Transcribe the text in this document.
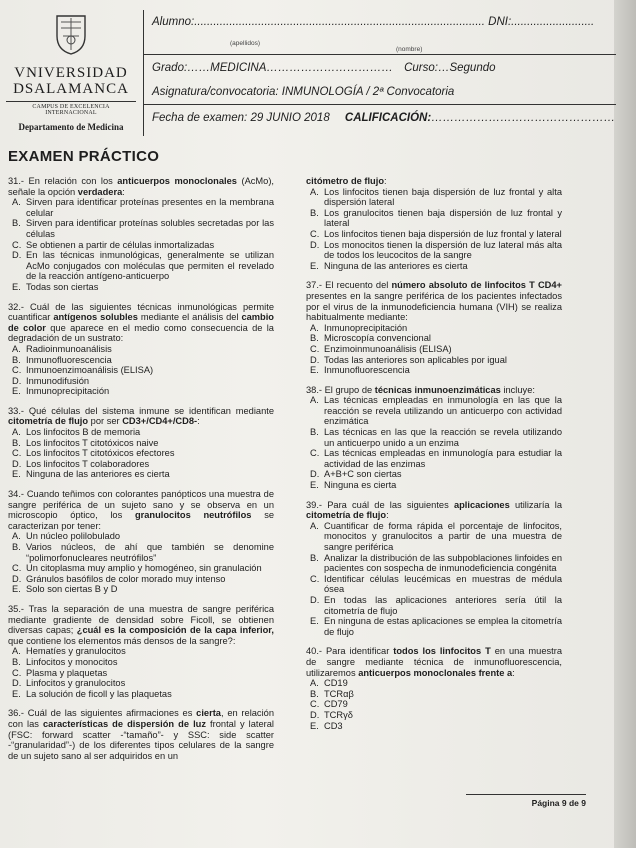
VNIVERSIDAD
DSALAMANCA
CAMPUS DE EXCELENCIA INTERNACIONAL
Departamento de Medicina
Alumno:........................................................................................... DNI:..........................
(apellidos)
(nombre)
Grado:……MEDICINA…………………………… Curso:…Segundo
Asignatura/convocatoria: INMUNOLOGÍA / 2ª Convocatoria
Fecha de examen: 29 JUNIO 2018 CALIFICACIÓN:…………………………………………
EXAMEN PRÁCTICO

31.- En relación con los anticuerpos monoclonales (AcMo), señale la opción verdadera:

A. Sirven para identificar proteínas presentes en la membrana celular
B. Sirven para identificar proteínas solubles secretadas por las células
C. Se obtienen a partir de células inmortalizadas
D. En las técnicas inmunológicas, generalmente se utilizan AcMo conjugados con moléculas que permiten el revelado de la reacción antígeno-anticuerpo
E. Todas son ciertas

32.- Cuál de las siguientes técnicas inmunológicas permite cuantificar antígenos solubles mediante el análisis del cambio de color que aparece en el medio como consecuencia de la degradación de un sustrato:

A. Radioinmunoanálisis
B. Inmunofluorescencia
C. Inmunoenzimoanálisis (ELISA)
D. Inmunodifusión
E. Inmunoprecipitación

33.- Qué células del sistema inmune se identifican mediante citometría de flujo por ser CD3+/CD4+/CD8-:

A. Los linfocitos B de memoria
B. Los linfocitos T citotóxicos naive
C. Los linfocitos T citotóxicos efectores
D. Los linfocitos T colaboradores
E. Ninguna de las anteriores es cierta

34.- Cuando teñimos con colorantes panópticos una muestra de sangre periférica de un sujeto sano y se observa en un microscopio óptico, los granulocitos neutrófilos se caracterizan por tener:

A. Un núcleo polilobulado
B. Varios núcleos, de ahí que también se denomine “polimorfonucleares neutrófilos”
C. Un citoplasma muy amplio y homogéneo, sin granulación
D. Gránulos basófilos de color morado muy intenso
E. Solo son ciertas B y D

35.- Tras la separación de una muestra de sangre periférica mediante gradiente de densidad sobre Ficoll, se obtienen diversas capas; ¿cuál es la composición de la capa inferior, que contiene los elementos más densos de la sangre?:

A. Hematíes y granulocitos
B. Linfocitos y monocitos
C. Plasma y plaquetas
D. Linfocitos y granulocitos
E. La solución de ficoll y las plaquetas

36.- Cuál de las siguientes afirmaciones es cierta, en relación con las características de dispersión de luz frontal y lateral (FSC: forward scatter -“tamaño”- y SSC: side scatter -“granularidad”-) de los diferentes tipos celulares de la sangre de un sujeto sano al ser adquiridos en un

citómetro de flujo:

A. Los linfocitos tienen baja dispersión de luz frontal y alta dispersión lateral
B. Los granulocitos tienen baja dispersión de luz frontal y lateral
C. Los linfocitos tienen baja dispersión de luz frontal y lateral
D. Los monocitos tienen la dispersión de luz lateral más alta de todos los leucocitos de la sangre
E. Ninguna de las anteriores es cierta

37.- El recuento del número absoluto de linfocitos T CD4+ presentes en la sangre periférica de los pacientes infectados por el virus de la inmunodeficiencia humana (VIH) se realiza habitualmente mediante:

A. Inmunoprecipitación
B. Microscopía convencional
C. Enzimoinmunoanálisis (ELISA)
D. Todas las anteriores son aplicables por igual
E. Inmunofluorescencia

38.- El grupo de técnicas inmunoenzimáticas incluye:

A. Las técnicas empleadas en inmunología en las que la reacción se revela utilizando un anticuerpo con actividad enzimática
B. Las técnicas en las que la reacción se revela utilizando un anticuerpo unido a un enzima
C. Las técnicas empleadas en inmunología para estudiar la actividad de las enzimas
D. A+B+C son ciertas
E. Ninguna es cierta

39.- Para cuál de las siguientes aplicaciones utilizaría la citometría de flujo:

A. Cuantificar de forma rápida el porcentaje de linfocitos, monocitos y granulocitos a partir de una muestra de sangre periférica
B. Analizar la distribución de las subpoblaciones linfoides en pacientes con sospecha de inmunodeficiencia congénita
C. Identificar células leucémicas en muestras de médula ósea
D. En todas las aplicaciones anteriores sería útil la citometría de flujo
E. En ninguna de estas aplicaciones se emplea la citometría de flujo

40.- Para identificar todos los linfocitos T en una muestra de sangre mediante técnica de inmunofluorescencia, utilizaremos anticuerpos monoclonales frente a:

A. CD19
B. TCRαβ
C. CD79
D. TCRγδ
E. CD3
Página 9 de 9
